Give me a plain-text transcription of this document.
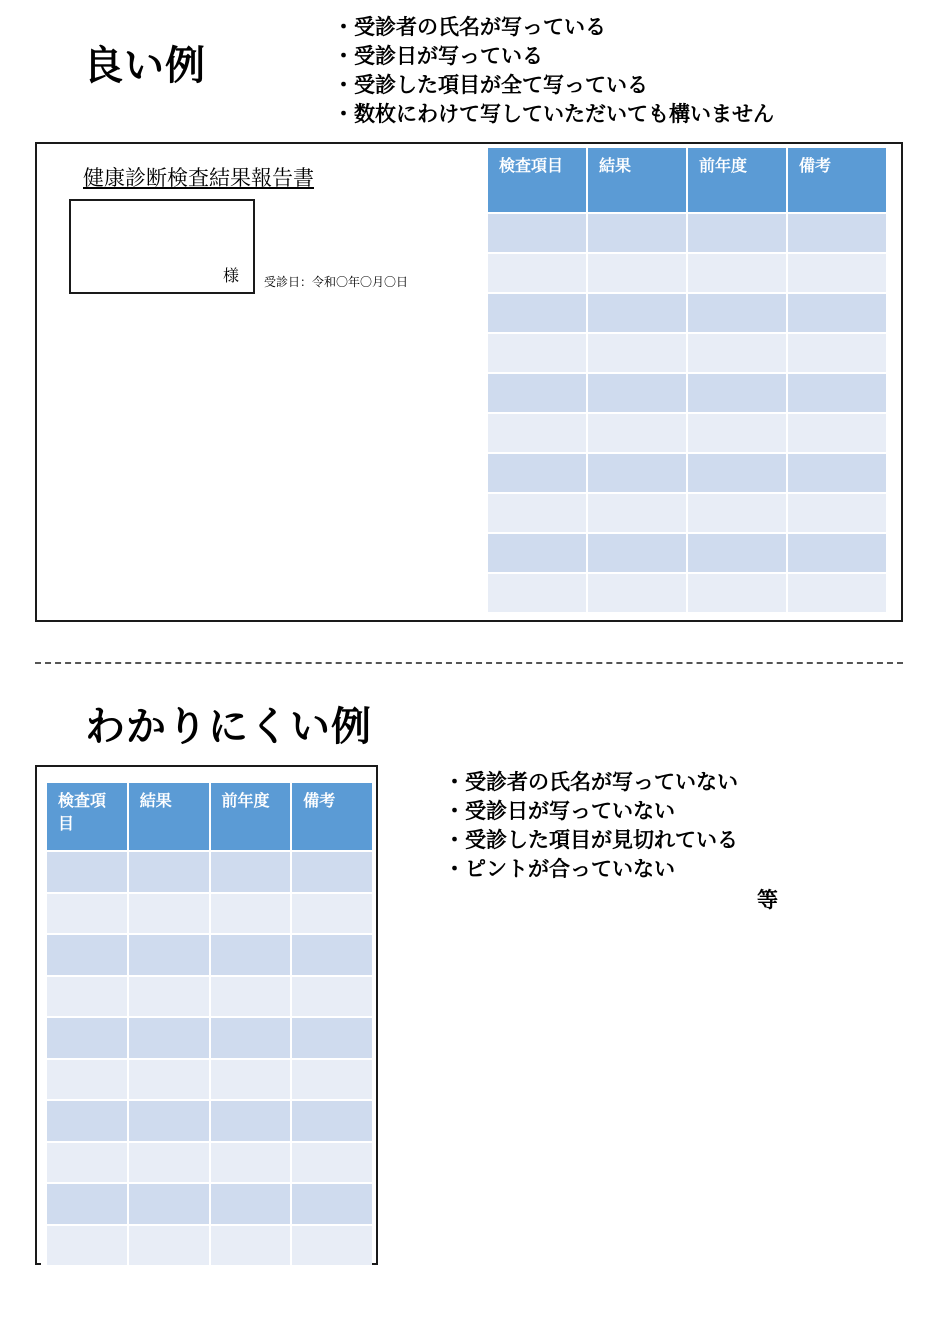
良い例
・受診者の氏名が写っている
・受診日が写っている
・受診した項目が全て写っている
・数枚にわけて写していただいても構いません
健康診断検査結果報告書
様 受診日：令和〇年〇月〇日
検査項目	結果	前年度	備考

わかりにくい例
検査項目	結果	前年度	備考

・受診者の氏名が写っていない
・受診日が写っていない
・受診した項目が見切れている
・ピントが合っていない
等
